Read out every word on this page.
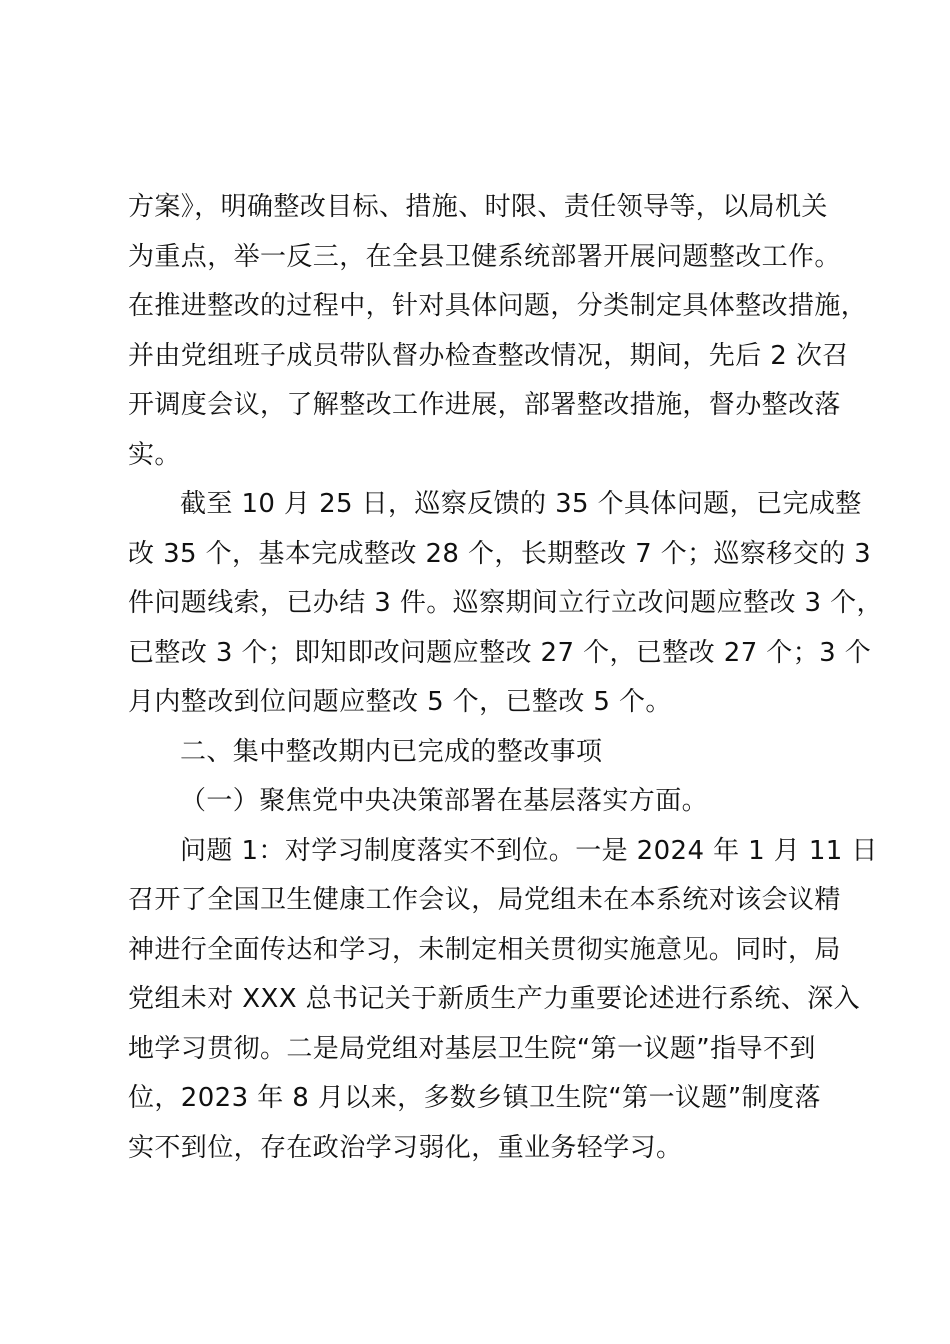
方案》，明确整改目标、措施、时限、责任领导等，以局机关
为重点，举一反三，在全县卫健系统部署开展问题整改工作。
在推进整改的过程中，针对具体问题，分类制定具体整改措施，
并由党组班子成员带队督办检查整改情况，期间，先后 2 次召
开调度会议，了解整改工作进展，部署整改措施，督办整改落
实。
截至 10 月 25 日，巡察反馈的 35 个具体问题，已完成整
改 35 个，基本完成整改 28 个，长期整改 7 个；巡察移交的 3
件问题线索，已办结 3 件。巡察期间立行立改问题应整改 3 个，
已整改 3 个；即知即改问题应整改 27 个，已整改 27 个；3 个
月内整改到位问题应整改 5 个，已整改 5 个。
二、集中整改期内已完成的整改事项
（一）聚焦党中央决策部署在基层落实方面。
问题 1：对学习制度落实不到位。一是 2024 年 1 月 11 日
召开了全国卫生健康工作会议，局党组未在本系统对该会议精
神进行全面传达和学习，未制定相关贯彻实施意见。同时，局
党组未对 XXX 总书记关于新质生产力重要论述进行系统、深入
地学习贯彻。二是局党组对基层卫生院“第一议题”指导不到
位，2023 年 8 月以来，多数乡镇卫生院“第一议题”制度落
实不到位，存在政治学习弱化，重业务轻学习。
